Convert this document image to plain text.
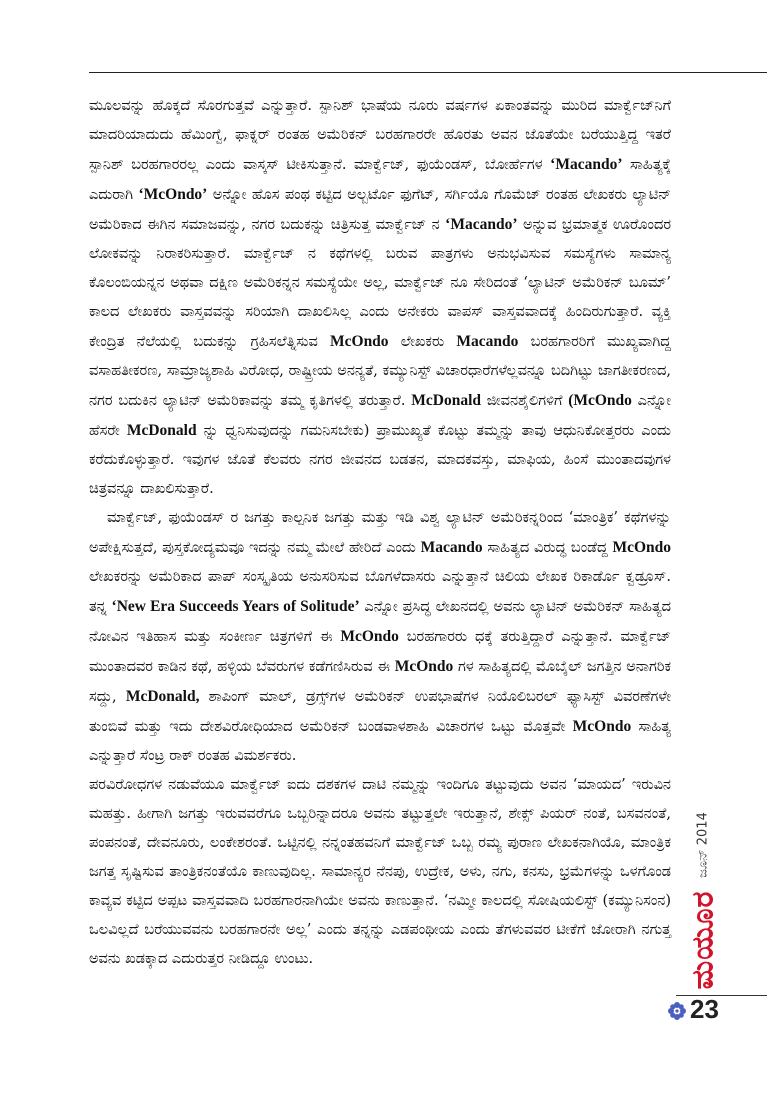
ಮೂಲವನ್ನು ಹೊಕ್ಕದೆ ಸೊರಗುತ್ತವೆ ಎನ್ನುತ್ತಾರೆ. ಸ್ಪಾನಿಶ್ ಭಾಷೆಯ ನೂರು ವರ್ಷಗಳ ಏಕಾಂತವನ್ನು ಮುರಿದ ಮಾರ್ಕ್ವೆಜ್‌ನಿಗೆ ಮಾದರಿಯಾದುದು ಹೆಮಿಂಗ್ವೆ, ಫಾಕ್ನರ್ ರಂತಹ ಅಮೆರಿಕನ್ ಬರಹಗಾರರೇ ಹೊರತು ಅವನ ಜೊತೆಯೇ ಬರೆಯುತ್ತಿದ್ದ ಇತರೆ ಸ್ಪಾನಿಶ್ ಬರಹಗಾರರಲ್ಲ ಎಂದು ವಾಸ್ಕಸ್ ಟೀಕಿಸುತ್ತಾನೆ. ಮಾರ್ಕ್ವೆಜ್, ಫುಯೆಂಡಸ್, ಬೋರ್ಹೆಗಳ ‘Macando’ ಸಾಹಿತ್ಯಕ್ಕೆ ಎದುರಾಗಿ ‘McOndo’ ಅನ್ನೋ ಹೊಸ ಪಂಥ ಕಟ್ಟಿದ ಅಲ್ಬರ್ಟೊ ಫುಗೆಟ್, ಸರ್ಗಿಯೊ ಗೊಮೆಜ್ ರಂತಹ ಲೇಖಕರು ಲ್ಯಾಟಿನ್ ಅಮೆರಿಕಾದ ಈಗಿನ ಸಮಾಜವನ್ನು, ನಗರ ಬದುಕನ್ನು ಚಿತ್ರಿಸುತ್ತ ಮಾರ್ಕ್ವೆಜ್ ನ ‘Macando’ ಅನ್ನುವ ಭ್ರಮಾತ್ಮಕ ಊರೊಂದರ ಲೋಕವನ್ನು ನಿರಾಕರಿಸುತ್ತಾರೆ. ಮಾರ್ಕ್ವೆಜ್ ನ ಕಥೆಗಳಲ್ಲಿ ಬರುವ ಪಾತ್ರಗಳು ಅನುಭವಿಸುವ ಸಮಸ್ಯೆಗಳು ಸಾಮಾನ್ಯ ಕೊಲಂಬಿಯನ್ನನ ಅಥವಾ ದಕ್ಷಿಣ ಅಮೆರಿಕನ್ನನ ಸಮಸ್ಯೆಯೇ ಅಲ್ಲ, ಮಾರ್ಕ್ವೆಜ್ ನೂ ಸೇರಿದಂತೆ ‘ಲ್ಯಾಟಿನ್ ಅಮೆರಿಕನ್ ಬೂಮ್’ ಕಾಲದ ಲೇಖಕರು ವಾಸ್ತವವನ್ನು ಸರಿಯಾಗಿ ದಾಖಲಿಸಿಲ್ಲ ಎಂದು ಅನೇಕರು ವಾಪಸ್ ವಾಸ್ತವವಾದಕ್ಕೆ ಹಿಂದಿರುಗುತ್ತಾರೆ. ವ್ಯಕ್ತಿ ಕೇಂದ್ರಿತ ನೆಲೆಯಲ್ಲಿ ಬದುಕನ್ನು ಗ್ರಹಿಸಲೆತ್ನಿಸುವ McOndo ಲೇಖಕರು Macando ಬರಹಗಾರರಿಗೆ ಮುಖ್ಯವಾಗಿದ್ದ ವಸಾಹತೀಕರಣ, ಸಾಮ್ರಾಜ್ಯಶಾಹಿ ವಿರೋಧ, ರಾಷ್ಟ್ರೀಯ ಅನನ್ಯತೆ, ಕಮ್ಯುನಿಸ್ಟ್ ವಿಚಾರಧಾರೆಗಳೆಲ್ಲವನ್ನೂ ಬದಿಗಿಟ್ಟು ಜಾಗತೀಕರಣದ, ನಗರ ಬದುಕಿನ ಲ್ಯಾಟಿನ್ ಅಮೆರಿಕಾವನ್ನು ತಮ್ಮ ಕೃತಿಗಳಲ್ಲಿ ತರುತ್ತಾರೆ. McDonald ಜೀವನಶೈಲಿಗಳಿಗೆ (McOndo ಎನ್ನೋ ಹೆಸರೇ McDonald ನ್ನು ಧ್ವನಿಸುವುದನ್ನು ಗಮನಿಸಬೇಕು) ಪ್ರಾಮುಖ್ಯತೆ ಕೊಟ್ಟು ತಮ್ಮನ್ನು ತಾವು ಆಧುನಿಕೋತ್ತರರು ಎಂದು ಕರೆದುಕೊಳ್ಳುತ್ತಾರೆ. ಇವುಗಳ ಜೊತೆ ಕೆಲವರು ನಗರ ಜೀವನದ ಬಡತನ, ಮಾದಕವಸ್ತು, ಮಾಫಿಯ, ಹಿಂಸೆ ಮುಂತಾದವುಗಳ ಚಿತ್ರವನ್ನೂ ದಾಖಲಿಸುತ್ತಾರೆ.

ಮಾರ್ಕ್ವೆಜ್, ಫುಯೆಂಡಸ್ ರ ಜಗತ್ತು ಕಾಲ್ಪನಿಕ ಜಗತ್ತು ಮತ್ತು ಇಡಿ ವಿಶ್ವ ಲ್ಯಾಟಿನ್ ಅಮೆರಿಕನ್ನರಿಂದ ‘ಮಾಂತ್ರಿಕ’ ಕಥೆಗಳನ್ನು ಅಪೇಕ್ಷಿಸುತ್ತದೆ, ಪುಸ್ತಕೋದ್ಯಮವೂ ಇದನ್ನು ನಮ್ಮ ಮೇಲೆ ಹೇರಿದೆ ಎಂದು Macando ಸಾಹಿತ್ಯದ ವಿರುದ್ಧ ಬಂಡೆದ್ದ McOndo ಲೇಖಕರನ್ನು ಅಮೆರಿಕಾದ ಪಾಪ್ ಸಂಸ್ಕೃತಿಯ ಅನುಸರಿಸುವ ಬೊಗಳೆದಾಸರು ಎನ್ನುತ್ತಾನೆ ಚಿಲಿಯ ಲೇಖಕ ರಿಕಾರ್ಡೊ ಕ್ವಡ್ರೂಸ್. ತನ್ನ ‘New Era Succeeds Years of Solitude’ ಎನ್ನೋ ಪ್ರಸಿದ್ಧ ಲೇಖನದಲ್ಲಿ ಅವನು ಲ್ಯಾಟಿನ್ ಅಮೆರಿಕನ್ ಸಾಹಿತ್ಯದ ನೋವಿನ ಇತಿಹಾಸ ಮತ್ತು ಸಂಕೀರ್ಣ ಚಿತ್ರಗಳಿಗೆ ಈ McOndo ಬರಹಗಾರರು ಧಕ್ಕೆ ತರುತ್ತಿದ್ದಾರೆ ಎನ್ನುತ್ತಾನೆ. ಮಾರ್ಕ್ವೆಜ್ ಮುಂತಾದವರ ಕಾಡಿನ ಕಥೆ, ಹಳ್ಳಿಯ ಬೆವರುಗಳ ಕಡೆಗಣಿಸಿರುವ ಈ McOndo ಗಳ ಸಾಹಿತ್ಯದಲ್ಲಿ ಮೊಬೈಲ್ ಜಗತ್ತಿನ ಅನಾಗರಿಕ ಸದ್ದು, McDonald, ಶಾಪಿಂಗ್ ಮಾಲ್, ಡ್ರಗ್ಸ್‌ಗಳ ಅಮೆರಿಕನ್ ಉಪಭಾಷೆಗಳ ನಿಯೊಲಿಬರಲ್ ಫ್ಯಾಸಿಸ್ಟ್ ವಿವರಣೆಗಳೇ ತುಂಬಿವೆ ಮತ್ತು ಇದು ದೇಶವಿರೋಧಿಯಾದ ಅಮೆರಿಕನ್ ಬಂಡವಾಳಶಾಹಿ ವಿಚಾರಗಳ ಒಟ್ಟು ಮೊತ್ತವೇ McOndo ಸಾಹಿತ್ಯ ಎನ್ನುತ್ತಾರೆ ಸೆಂಟ್ರ ರಾಕ್ ರಂತಹ ವಿಮರ್ಶಕರು.

ಪರವಿರೋಧಗಳ ನಡುವೆಯೂ ಮಾರ್ಕ್ವೆಜ್ ಐದು ದಶಕಗಳ ದಾಟಿ ನಮ್ಮನ್ನು ಇಂದಿಗೂ ತಟ್ಟುವುದು ಅವನ ‘ಮಾಯದ’ ಇರುವಿನ ಮಹತ್ತು. ಹೀಗಾಗಿ ಜಗತ್ತು ಇರುವವರೆಗೂ ಒಬ್ಬರಿನ್ನಾದರೂ ಅವನು ತಟ್ಟುತ್ತಲೇ ಇರುತ್ತಾನೆ, ಶೇಕ್ಸ್ ಪಿಯರ್ ನಂತೆ, ಬಸವನಂತೆ, ಪಂಪನಂತೆ, ದೇವನೂರು, ಲಂಕೇಶರಂತೆ. ಒಟ್ಟಿನಲ್ಲಿ ನನ್ನಂತಹವನಿಗೆ ಮಾರ್ಕ್ವೆಜ್ ಒಬ್ಬ ರಮ್ಯ ಪುರಾಣ ಲೇಖಕನಾಗಿಯೊ, ಮಾಂತ್ರಿಕ ಜಗತ್ತ ಸೃಷ್ಟಿಸುವ ತಾಂತ್ರಿಕನಂತೆಯೊ ಕಾಣುವುದಿಲ್ಲ. ಸಾಮಾನ್ಯರ ನೆನಪು, ಉದ್ರೇಕ, ಅಳು, ನಗು, ಕನಸು, ಭ್ರಮೆಗಳನ್ನು ಒಳಗೊಂಡ ಕಾವ್ಯವ ಕಟ್ಟಿದ ಅಪ್ಪಟ ವಾಸ್ತವವಾದಿ ಬರಹಗಾರನಾಗಿಯೇ ಅವನು ಕಾಣುತ್ತಾನೆ. ‘ನಮ್ಮೀ ಕಾಲದಲ್ಲಿ ಸೋಷಿಯಲಿಸ್ಟ್ (ಕಮ್ಯುನಿಸಂನ) ಒಲವಿಲ್ಲದೆ ಬರೆಯುವವನು ಬರಹಗಾರನೇ ಅಲ್ಲ’ ಎಂದು ತನ್ನನ್ನು ಎಡಪಂಥೀಯ ಎಂದು ತೆಗಳುವವರ ಟೀಕೆಗೆ ಜೋರಾಗಿ ನಗುತ್ತ ಅವನು ಖಡಕ್ಕಾದ ಎದುರುತ್ತರ ನೀಡಿದ್ದೂ ಉಂಟು.

ಜೂನ್ 2014
ಮಯೂರ
23
